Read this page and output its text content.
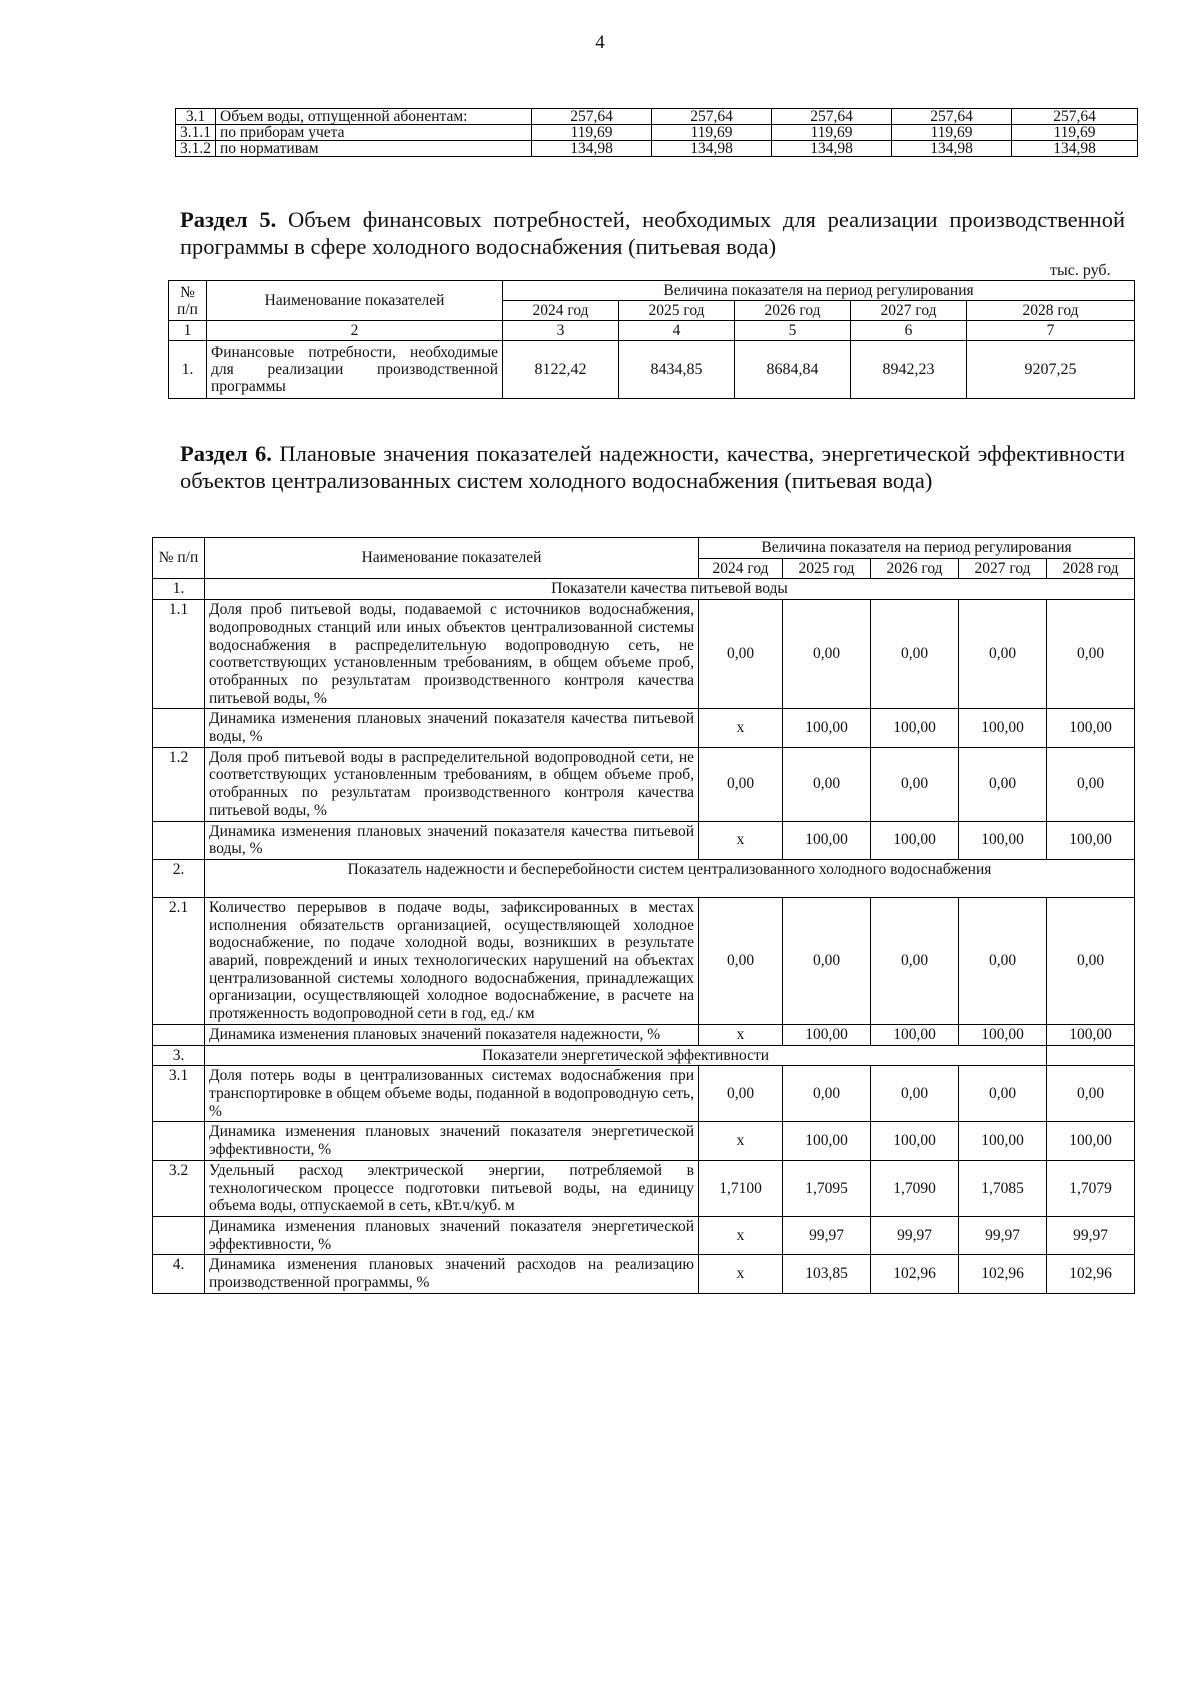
4
3.1	Объем воды, отпущенной абонентам:	257,64	257,64	257,64	257,64	257,64
3.1.1	по приборам учета	119,69	119,69	119,69	119,69	119,69
3.1.2	по нормативам	134,98	134,98	134,98	134,98	134,98
Раздел 5. Объем финансовых потребностей, необходимых для реализации производственной программы в сфере холодного водоснабжения (питьевая вода)
тыс. руб.
№ п/п	Наименование показателей	Величина показателя на период регулирования				
		2024 год	2025 год	2026 год	2027 год	2028 год
1	2	3	4	5	6	7
1.	Финансовые потребности, необходимые для реализации производственной программы	8122,42	8434,85	8684,84	8942,23	9207,25
Раздел 6. Плановые значения показателей надежности, качества, энергетической эффективности объектов централизованных систем холодного водоснабжения (питьевая вода)
№ п/п	Наименование показателей	Величина показателя на период регулирования				
		2024 год	2025 год	2026 год	2027 год	2028 год
1.	Показатели качества питьевой воды					
1.1	Доля проб питьевой воды, подаваемой с источников водоснабжения, водопроводных станций или иных объектов централизованной системы водоснабжения в распределительную водопроводную сеть, не соответствующих установленным требованиям, в общем объеме проб, отобранных по результатам производственного контроля качества питьевой воды, %	0,00	0,00	0,00	0,00	0,00
	Динамика изменения плановых значений показателя качества питьевой воды, %	x	100,00	100,00	100,00	100,00
1.2	Доля проб питьевой воды в распределительной водопроводной сети, не соответствующих установленным требованиям, в общем объеме проб, отобранных по результатам производственного контроля качества питьевой воды, %	0,00	0,00	0,00	0,00	0,00
	Динамика изменения плановых значений показателя качества питьевой воды, %	x	100,00	100,00	100,00	100,00
2.	Показатель надежности и бесперебойности систем централизованного холодного водоснабжения					
2.1	Количество перерывов в подаче воды, зафиксированных в местах исполнения обязательств организацией, осуществляющей холодное водоснабжение, по подаче холодной воды, возникших в результате аварий, повреждений и иных технологических нарушений на объектах централизованной системы холодного водоснабжения, принадлежащих организации, осуществляющей холодное водоснабжение, в расчете на протяженность водопроводной сети в год, ед./ км	0,00	0,00	0,00	0,00	0,00
	Динамика изменения плановых значений показателя надежности, %	x	100,00	100,00	100,00	100,00
3.	Показатели энергетической эффективности					
3.1	Доля потерь воды в централизованных системах водоснабжения при транспортировке в общем объеме воды, поданной в водопроводную сеть, %	0,00	0,00	0,00	0,00	0,00
	Динамика изменения плановых значений показателя энергетической эффективности, %	x	100,00	100,00	100,00	100,00
3.2	Удельный расход электрической энергии, потребляемой в технологическом процессе подготовки питьевой воды, на единицу объема воды, отпускаемой в сеть, кВт.ч/куб. м	1,7100	1,7095	1,7090	1,7085	1,7079
	Динамика изменения плановых значений показателя энергетической эффективности, %	x	99,97	99,97	99,97	99,97
4.	Динамика изменения плановых значений расходов на реализацию производственной программы, %	x	103,85	102,96	102,96	102,96
